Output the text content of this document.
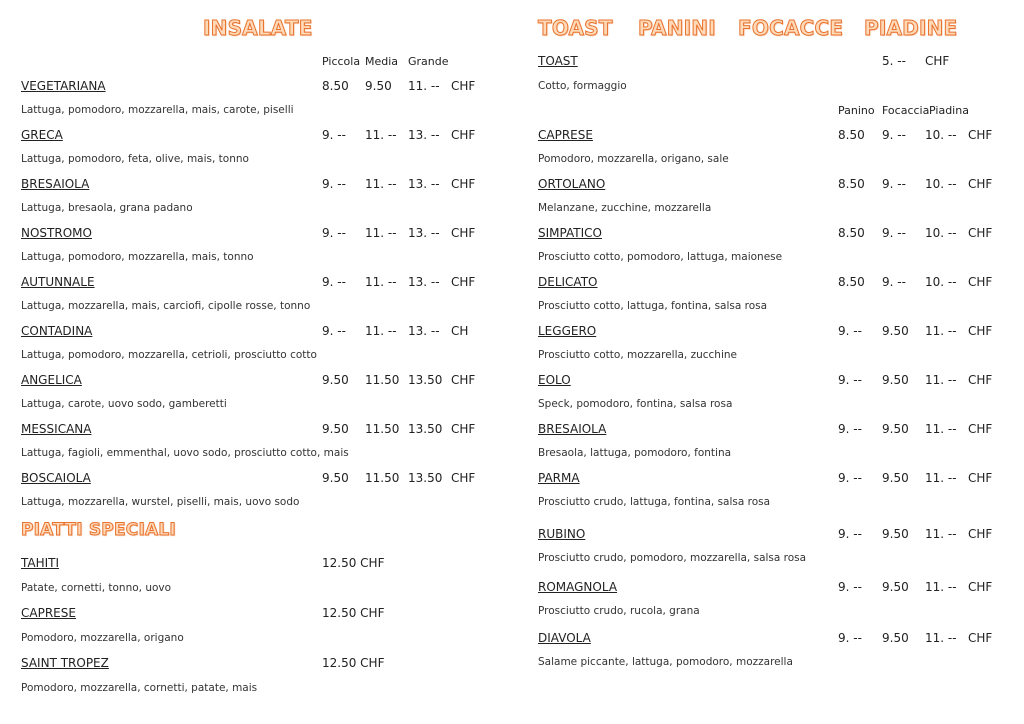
INSALATE
Piccola Media Grande
VEGETARIANA	8.50 9.50 11. -- CHF
Lattuga, pomodoro, mozzarella, mais, carote, piselli
GRECA	9. -- 11. -- 13. -- CHF
Lattuga, pomodoro, feta, olive, mais, tonno
BRESAIOLA	9. -- 11. -- 13. -- CHF
Lattuga, bresaola, grana padano
NOSTROMO	9. -- 11. -- 13. -- CHF
Lattuga, pomodoro, mozzarella, mais, tonno
AUTUNNALE	9. -- 11. -- 13. -- CHF
Lattuga, mozzarella, mais, carciofi, cipolle rosse, tonno
CONTADINA	9. -- 11. -- 13. -- CH
Lattuga, pomodoro, mozzarella, cetrioli, prosciutto cotto
ANGELICA	9.50 11.50 13.50 CHF
Lattuga, carote, uovo sodo, gamberetti
MESSICANA	9.50 11.50 13.50 CHF
Lattuga, fagioli, emmenthal, uovo sodo, prosciutto cotto, mais
BOSCAIOLA	9.50 11.50 13.50 CHF
Lattuga, mozzarella, wurstel, piselli, mais, uovo sodo
PIATTI SPECIALI
TAHITI	12.50 CHF
Patate, cornetti, tonno, uovo
CAPRESE	12.50 CHF
Pomodoro, mozzarella, origano
SAINT TROPEZ	12.50 CHF
Pomodoro, mozzarella, cornetti, patate, mais
TOAST PANINI FOCACCE PIADINE
TOAST	5. -- CHF
Cotto, formaggio
Panino Focaccia Piadina
CAPRESE	8.50 9. -- 10. -- CHF
Pomodoro, mozzarella, origano, sale
ORTOLANO	8.50 9. -- 10. -- CHF
Melanzane, zucchine, mozzarella
SIMPATICO	8.50 9. -- 10. -- CHF
Prosciutto cotto, pomodoro, lattuga, maionese
DELICATO	8.50 9. -- 10. -- CHF
Prosciutto cotto, lattuga, fontina, salsa rosa
LEGGERO	9. -- 9.50 11. -- CHF
Prosciutto cotto, mozzarella, zucchine
EOLO	9. -- 9.50 11. -- CHF
Speck, pomodoro, fontina, salsa rosa
BRESAIOLA	9. -- 9.50 11. -- CHF
Bresaola, lattuga, pomodoro, fontina
PARMA	9. -- 9.50 11. -- CHF
Prosciutto crudo, lattuga, fontina, salsa rosa
RUBINO	9. -- 9.50 11. -- CHF
Prosciutto crudo, pomodoro, mozzarella, salsa rosa
ROMAGNOLA	9. -- 9.50 11. -- CHF
Prosciutto crudo, rucola, grana
DIAVOLA	9. -- 9.50 11. -- CHF
Salame piccante, lattuga, pomodoro, mozzarella
